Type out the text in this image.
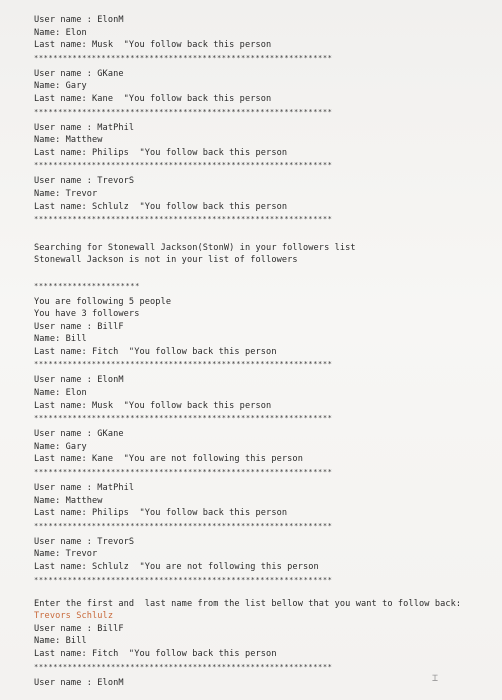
User name : ElonM
Name: Elon
Last name: Musk  "You follow back this person
**************************************************************
User name : GKane
Name: Gary
Last name: Kane  "You follow back this person
**************************************************************
User name : MatPhil
Name: Matthew
Last name: Philips  "You follow back this person
**************************************************************
User name : TrevorS
Name: Trevor
Last name: Schlulz  "You follow back this person
**************************************************************
Searching for Stonewall Jackson(StonW) in your followers list
Stonewall Jackson is not in your list of followers
**********************
You are following 5 people
You have 3 followers
User name : BillF
Name: Bill
Last name: Fitch  "You follow back this person
**************************************************************
User name : ElonM
Name: Elon
Last name: Musk  "You follow back this person
**************************************************************
User name : GKane
Name: Gary
Last name: Kane  "You are not following this person
**************************************************************
User name : MatPhil
Name: Matthew
Last name: Philips  "You follow back this person
**************************************************************
User name : TrevorS
Name: Trevor
Last name: Schlulz  "You are not following this person
**************************************************************
Enter the first and  last name from the list bellow that you want to follow back:
Trevors Schlulz
User name : BillF
Name: Bill
Last name: Fitch  "You follow back this person
**************************************************************
User name : ElonM	⌶
